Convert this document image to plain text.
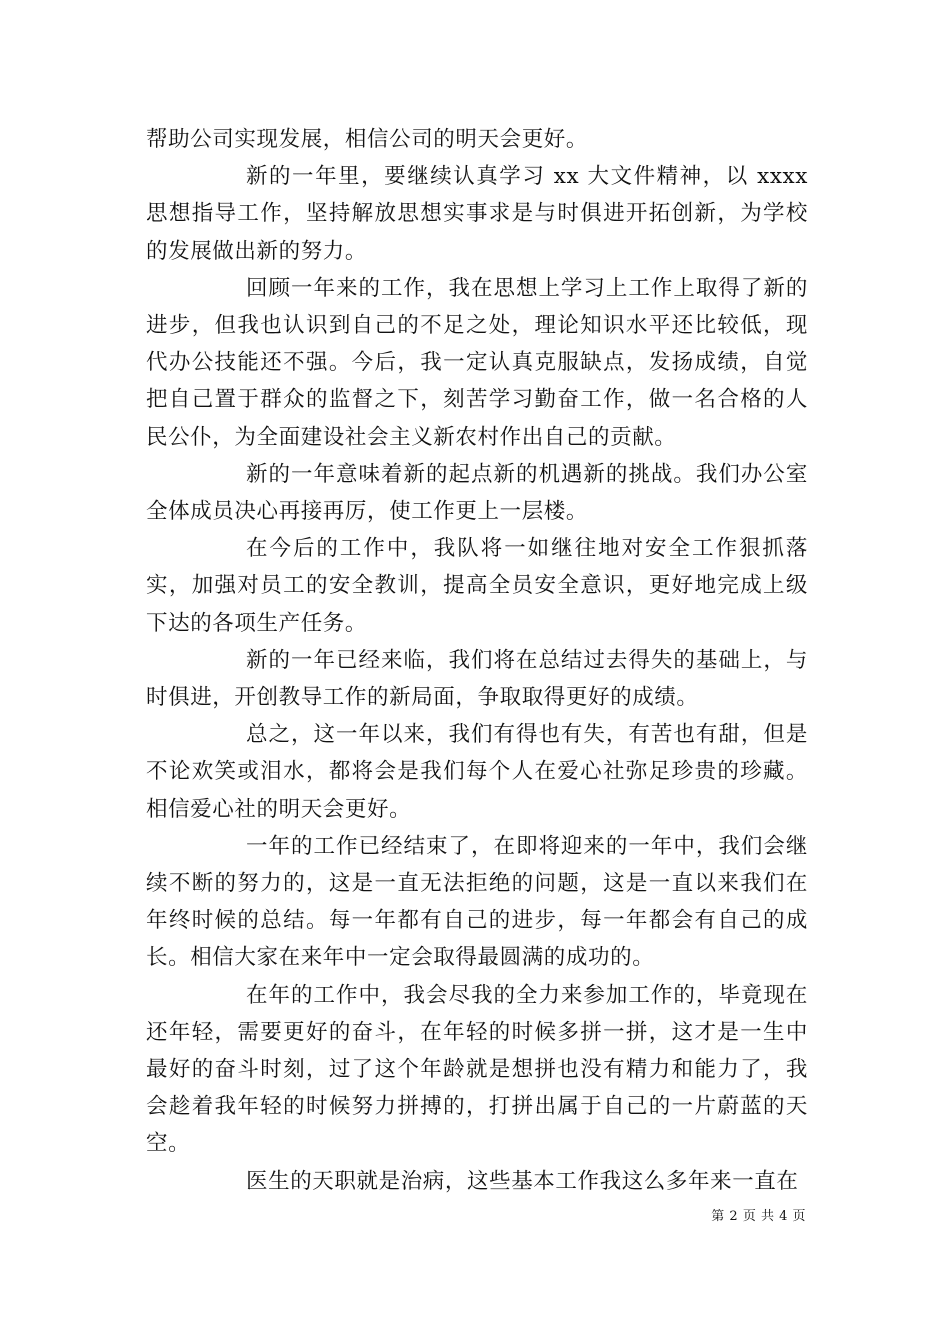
帮助公司实现发展，相信公司的明天会更好。

新的一年里，要继续认真学习 xx 大文件精神，以 xxxx 思想指导工作，坚持解放思想实事求是与时俱进开拓创新，为学校的发展做出新的努力。

回顾一年来的工作，我在思想上学习上工作上取得了新的进步，但我也认识到自己的不足之处，理论知识水平还比较低，现代办公技能还不强。今后，我一定认真克服缺点，发扬成绩，自觉把自己置于群众的监督之下，刻苦学习勤奋工作，做一名合格的人民公仆，为全面建设社会主义新农村作出自己的贡献。

新的一年意味着新的起点新的机遇新的挑战。我们办公室全体成员决心再接再厉，使工作更上一层楼。

在今后的工作中，我队将一如继往地对安全工作狠抓落实，加强对员工的安全教训，提高全员安全意识，更好地完成上级下达的各项生产任务。

新的一年已经来临，我们将在总结过去得失的基础上，与时俱进，开创教导工作的新局面，争取取得更好的成绩。

总之，这一年以来，我们有得也有失，有苦也有甜，但是不论欢笑或泪水，都将会是我们每个人在爱心社弥足珍贵的珍藏。相信爱心社的明天会更好。

一年的工作已经结束了，在即将迎来的一年中，我们会继续不断的努力的，这是一直无法拒绝的问题，这是一直以来我们在年终时候的总结。每一年都有自己的进步，每一年都会有自己的成长。相信大家在来年中一定会取得最圆满的成功的。

在年的工作中，我会尽我的全力来参加工作的，毕竟现在还年轻，需要更好的奋斗，在年轻的时候多拼一拼，这才是一生中最好的奋斗时刻，过了这个年龄就是想拼也没有精力和能力了，我会趁着我年轻的时候努力拼搏的，打拼出属于自己的一片蔚蓝的天空。

医生的天职就是治病，这些基本工作我这么多年来一直在

第 2 页 共 4 页
